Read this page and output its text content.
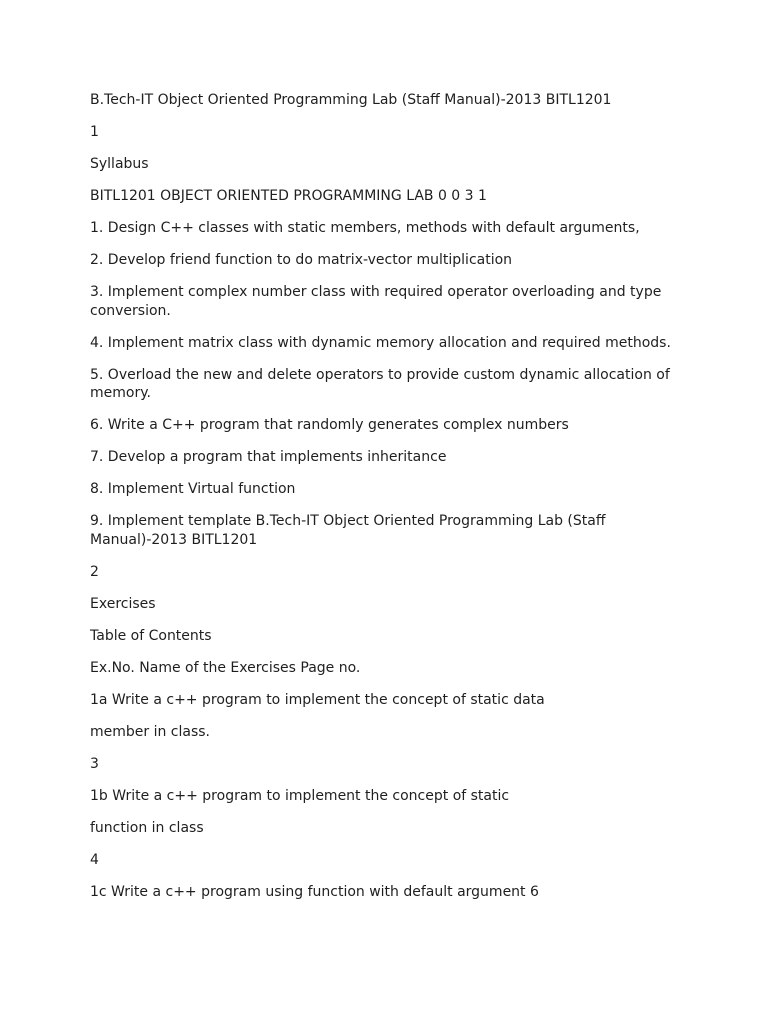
B.Tech-IT Object Oriented Programming Lab (Staff Manual)-2013 BITL1201

1

Syllabus

BITL1201 OBJECT ORIENTED PROGRAMMING LAB 0 0 3 1

1. Design C++ classes with static members, methods with default arguments,

2. Develop friend function to do matrix-vector multiplication

3. Implement complex number class with required operator overloading and type conversion.

4. Implement matrix class with dynamic memory allocation and required methods.

5. Overload the new and delete operators to provide custom dynamic allocation of memory.

6. Write a C++ program that randomly generates complex numbers

7. Develop a program that implements inheritance

8. Implement Virtual function

9. Implement template B.Tech-IT Object Oriented Programming Lab (Staff Manual)-2013 BITL1201

2

Exercises

Table of Contents

Ex.No. Name of the Exercises Page no.

1a Write a c++ program to implement the concept of static data

member in class.

3

1b Write a c++ program to implement the concept of static

function in class

4

1c Write a c++ program using function with default argument 6
